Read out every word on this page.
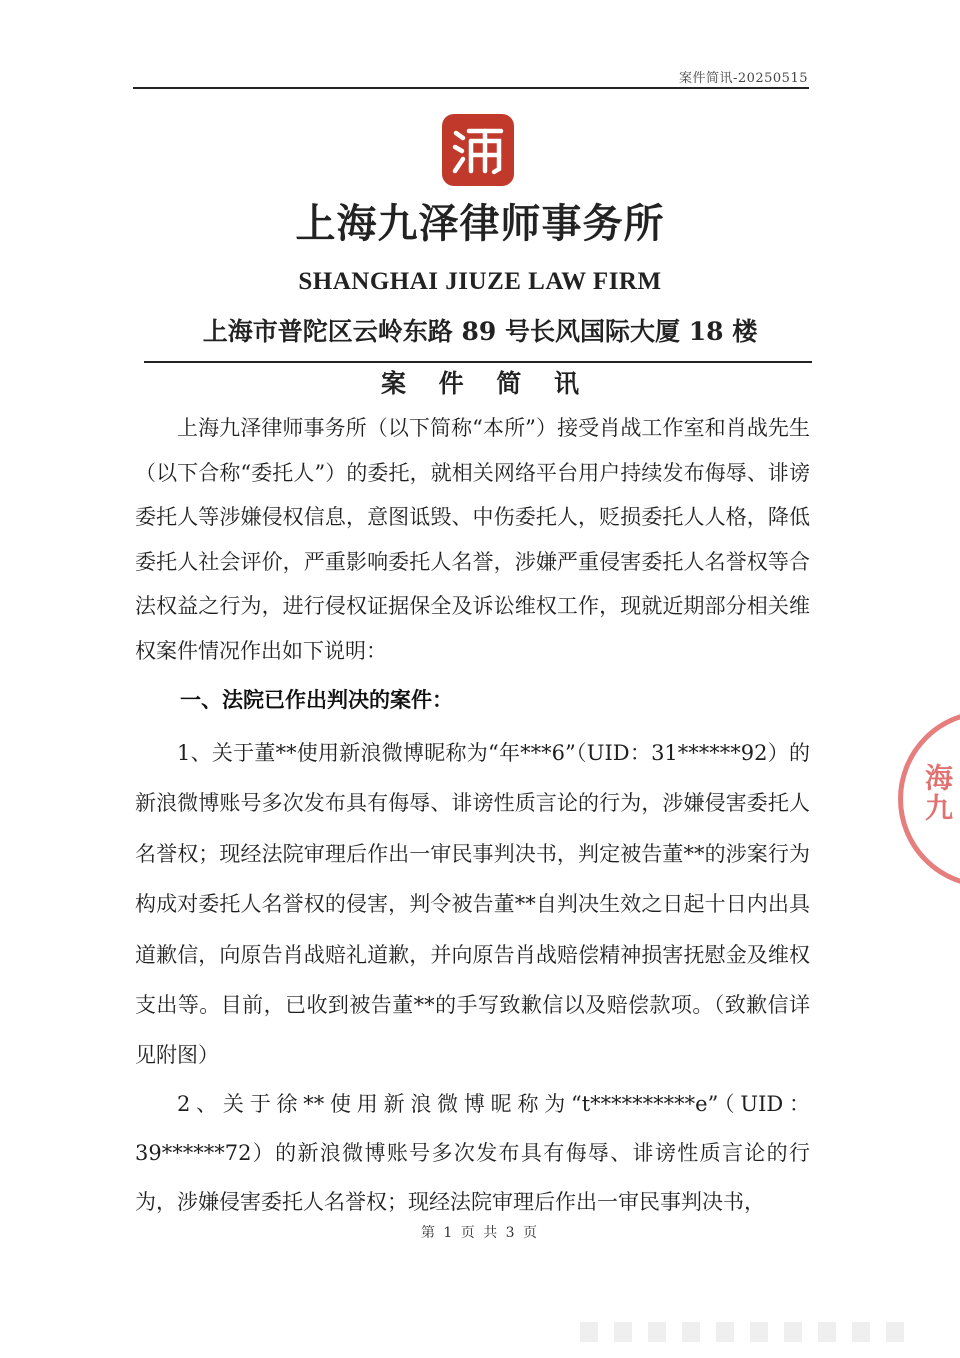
案件简讯-20250515
上海九泽律师事务所
SHANGHAI JIUZE LAW FIRM
上海市普陀区云岭东路 89 号长风国际大厦 18 楼
案 件 简 讯
上海九泽律师事务所（以下简称“本所”）接受肖战工作室和肖战先生（以下合称“委托人”）的委托，就相关网络平台用户持续发布侮辱、诽谤委托人等涉嫌侵权信息，意图诋毁、中伤委托人，贬损委托人人格，降低委托人社会评价，严重影响委托人名誉，涉嫌严重侵害委托人名誉权等合法权益之行为，进行侵权证据保全及诉讼维权工作，现就近期部分相关维权案件情况作出如下说明：
一、法院已作出判决的案件：
1、关于董**使用新浪微博昵称为“年***6”（UID：31******92）的新浪微博账号多次发布具有侮辱、诽谤性质言论的行为，涉嫌侵害委托人名誉权；现经法院审理后作出一审民事判决书，判定被告董**的涉案行为构成对委托人名誉权的侵害，判令被告董**自判决生效之日起十日内出具道歉信，向原告肖战赔礼道歉，并向原告肖战赔偿精神损害抚慰金及维权支出等。目前，已收到被告董**的手写致歉信以及赔偿款项。（致歉信详见附图）
2、关于徐**使用新浪微博昵称为“t**********e”（UID：39******72）的新浪微博账号多次发布具有侮辱、诽谤性质言论的行为，涉嫌侵害委托人名誉权；现经法院审理后作出一审民事判决书，
第 1 页 共 3 页
海九
